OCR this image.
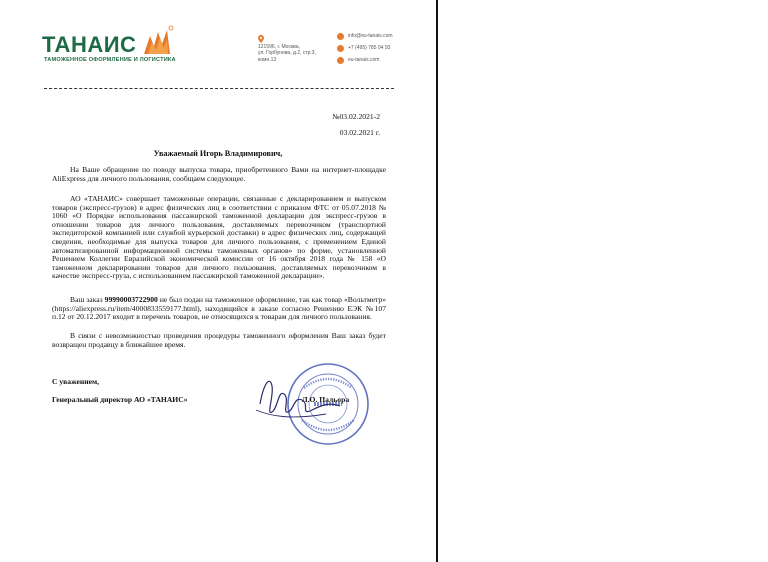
ТАНАИС
ТАМОЖЕННОЕ ОФОРМЛЕНИЕ И ЛОГИСТИКА
121596, г. Москва,
ул. Горбунова, д.2, стр.3,
комн.13
info@eu-tanais.com
+7 (495) 785 04 93
eu-tanais.com
№03.02.2021-2
03.02.2021 г.
Уважаемый Игорь Владимирович,
На Ваше обращение по поводу выпуска товара, приобретенного Вами на интернет-площадке AliExpress для личного пользования, сообщаем следующее.
АО «ТАНАИС» совершает таможенные операции, связанные с декларированием и выпуском товаров (экспресс-грузов) в адрес физических лиц в соответствии с приказом ФТС от 05.07.2018 № 1060 «О Порядке использования пассажирской таможенной декларации для экспресс-грузов в отношении товаров для личного пользования, доставляемых перевозчиком (транспортной экспедиторской компанией или службой курьерской доставки) в адрес физических лиц, содержащей сведения, необходимые для выпуска товаров для личного пользования, с применением Единой автоматизированной информационной системы таможенных органов» по форме, установленной Решением Коллегии Евразийской экономической комиссии от 16 октября 2018 года № 158 «О таможенном декларировании товаров для личного пользования, доставляемых перевозчиком в качестве экспресс-груза, с использованием пассажирской таможенной декларации».
Ваш заказ 99990003722900 не был подан на таможенное оформление, так как товар «Вольтметр» (https://aliexpress.ru/item/4000833559177.html), находящийся в заказе согласно Решению ЕЭК №107 п.12 от 20.12.2017 входит в перечень товаров, не относящихся к товарам для личного пользования.
В связи с невозможностью проведения процедуры таможенного оформления Ваш заказ будет возвращен продавцу в ближайшее время.
С уважением,
Генеральный директор АО «ТАНАИС»	Л.О. Пальора
